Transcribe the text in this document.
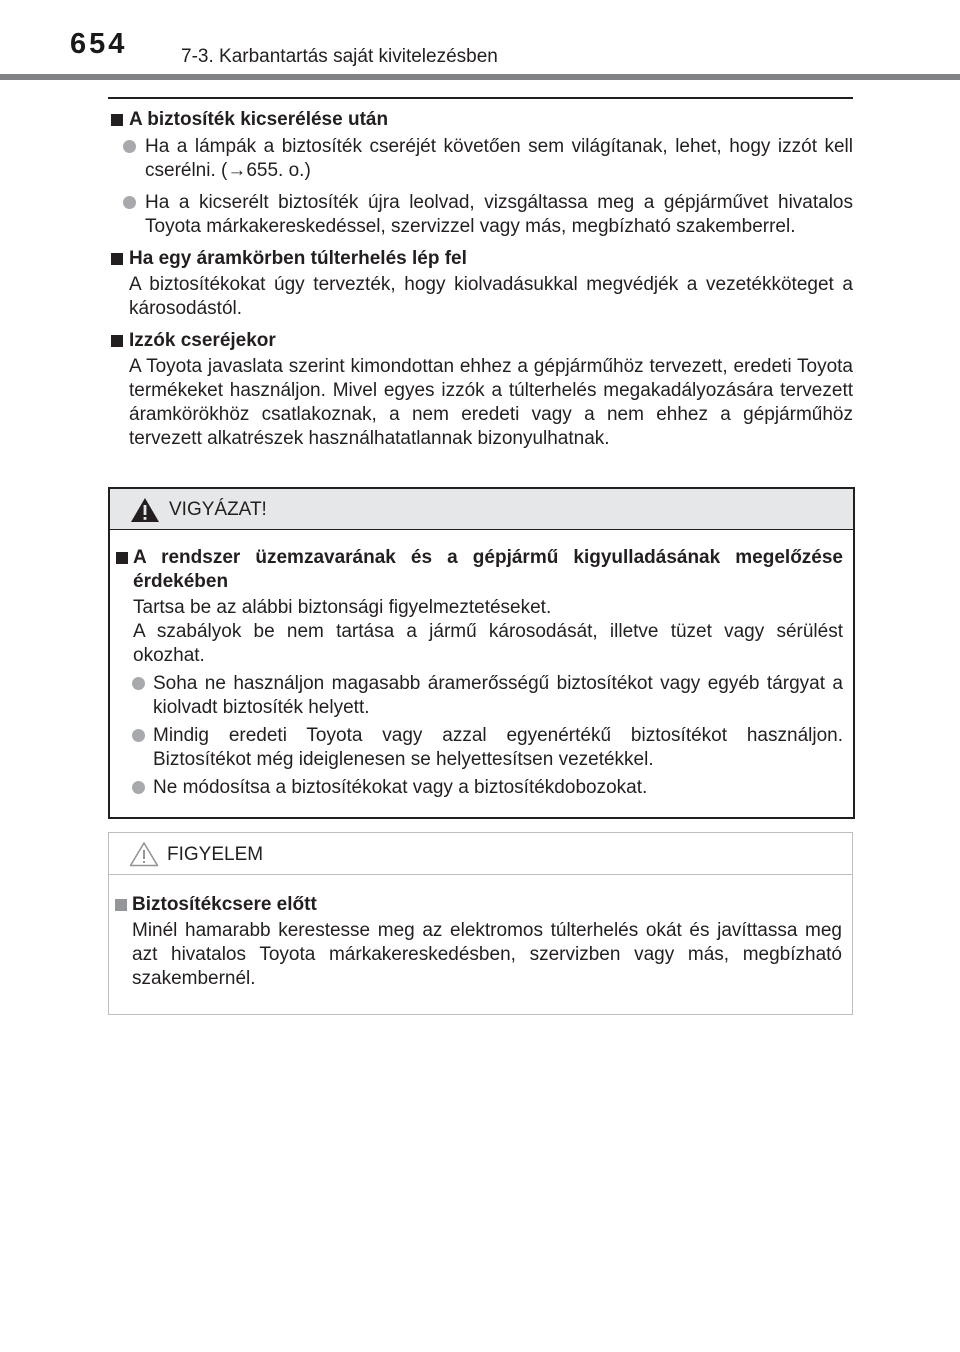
654	7-3. Karbantartás saját kivitelezésben
A biztosíték kicserélése után
Ha a lámpák a biztosíték cseréjét követően sem világítanak, lehet, hogy izzót kell cserélni. (→655. o.)
Ha a kicserélt biztosíték újra leolvad, vizsgáltassa meg a gépjárművet hivatalos Toyota márkakereskedéssel, szervizzel vagy más, megbízható szakemberrel.
Ha egy áramkörben túlterhelés lép fel
A biztosítékokat úgy tervezték, hogy kiolvadásukkal megvédjék a vezetékköteget a károsodástól.
Izzók cseréjekor
A Toyota javaslata szerint kimondottan ehhez a gépjárműhöz tervezett, eredeti Toyota termékeket használjon. Mivel egyes izzók a túlterhelés megakadályozására tervezett áramkörökhöz csatlakoznak, a nem eredeti vagy a nem ehhez a gépjárműhöz tervezett alkatrészek használhatatlannak bizonyulhatnak.
VIGYÁZAT!
A rendszer üzemzavarának és a gépjármű kigyulladásának megelőzése érdekében
Tartsa be az alábbi biztonsági figyelmeztetéseket.
A szabályok be nem tartása a jármű károsodását, illetve tüzet vagy sérülést okozhat.
Soha ne használjon magasabb áramerősségű biztosítékot vagy egyéb tárgyat a kiolvadt biztosíték helyett.
Mindig eredeti Toyota vagy azzal egyenértékű biztosítékot használjon. Biztosítékot még ideiglenesen se helyettesítsen vezetékkel.
Ne módosítsa a biztosítékokat vagy a biztosítékdobozokat.
FIGYELEM
Biztosítékcsere előtt
Minél hamarabb kerestesse meg az elektromos túlterhelés okát és javíttassa meg azt hivatalos Toyota márkakereskedésben, szervizben vagy más, megbízható szakembernél.
